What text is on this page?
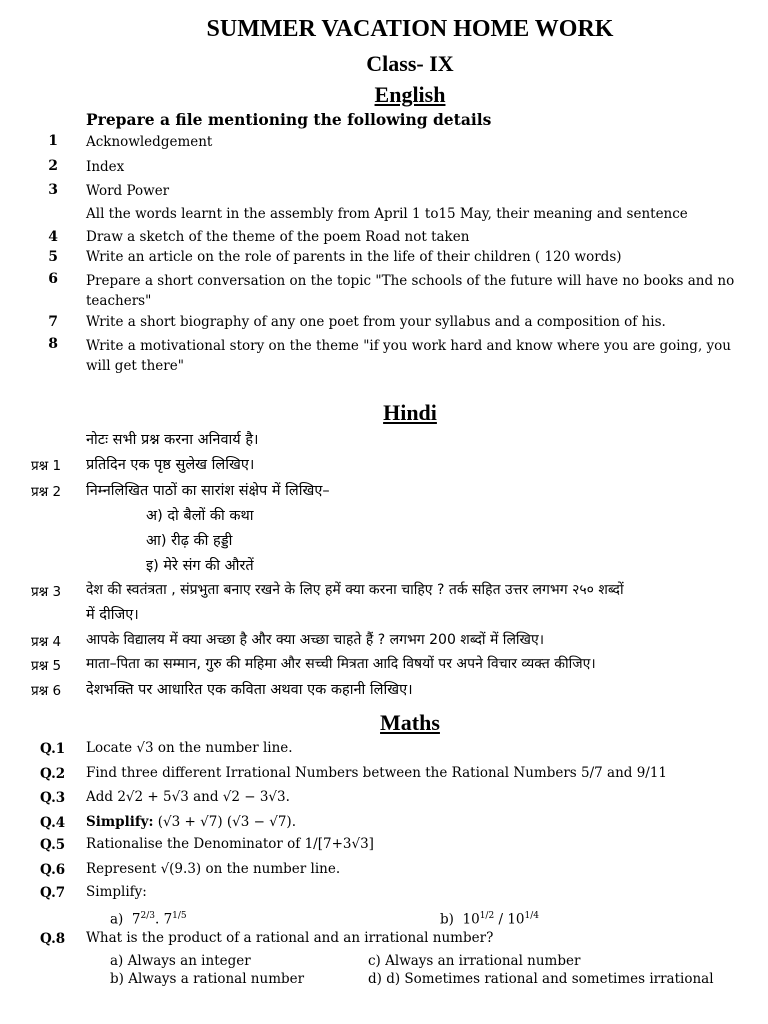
SUMMER VACATION HOME WORK
Class- IX
English
Prepare a file mentioning the following details
1 Acknowledgement
2 Index
3 Word Power
All the words learnt in the assembly from April 1 to15 May, their meaning and sentence
4 Draw a sketch of the theme of the poem Road not taken
5 Write an article on the role of parents in the life of their children ( 120 words)
6 Prepare a short conversation on the topic "The schools of the future will have no books and no teachers"
7 Write a short biography of any one poet from your syllabus and a composition of his.
8 Write a motivational story on the theme "if you work hard and know where you are going, you will get there"
Hindi
नोटः सभी प्रश्न करना अनिवार्य है।
प्रश्न 1 प्रतिदिन एक पृष्ठ सुलेख लिखिए।
प्रश्न 2 निम्नलिखित पाठों का सारांश संक्षेप में लिखिए–
अ) दो बैलों की कथा
आ) रीढ़ की हड्डी
इ) मेरे संग की औरतें
प्रश्न 3 देश की स्वतंत्रता , संप्रभुता बनाए रखने के लिए हमें क्या करना चाहिए ? तर्क सहित उत्तर लगभग २५० शब्दों
में दीजिए।
प्रश्न 4 आपके विद्यालय में क्या अच्छा है और क्या अच्छा चाहते हैं ? लगभग 200 शब्दों में लिखिए।
प्रश्न 5 माता–पिता का सम्मान, गुरु की महिमा और सच्ची मित्रता आदि विषयों पर अपने विचार व्यक्त कीजिए।
प्रश्न 6 देशभक्ति पर आधारित एक कविता अथवा एक कहानी लिखिए।
Maths
Q.1 Locate √3 on the number line.
Q.2 Find three different Irrational Numbers between the Rational Numbers 5/7 and 9/11
Q.3 Add 2√2 + 5√3 and √2 − 3√3.
Q.4 Simplify: (√3 + √7) (√3 − √7).
Q.5 Rationalise the Denominator of 1/[7+3√3]
Q.6 Represent √(9.3) on the number line.
Q.7 Simplify:
a) $7^{2/3}$. $7^{1/5}$	b) $10^{1/2} / 10^{1/4}$
Q.8 What is the product of a rational and an irrational number?
a) Always an integer	c) Always an irrational number
b) Always a rational number	d) d) Sometimes rational and sometimes irrational
